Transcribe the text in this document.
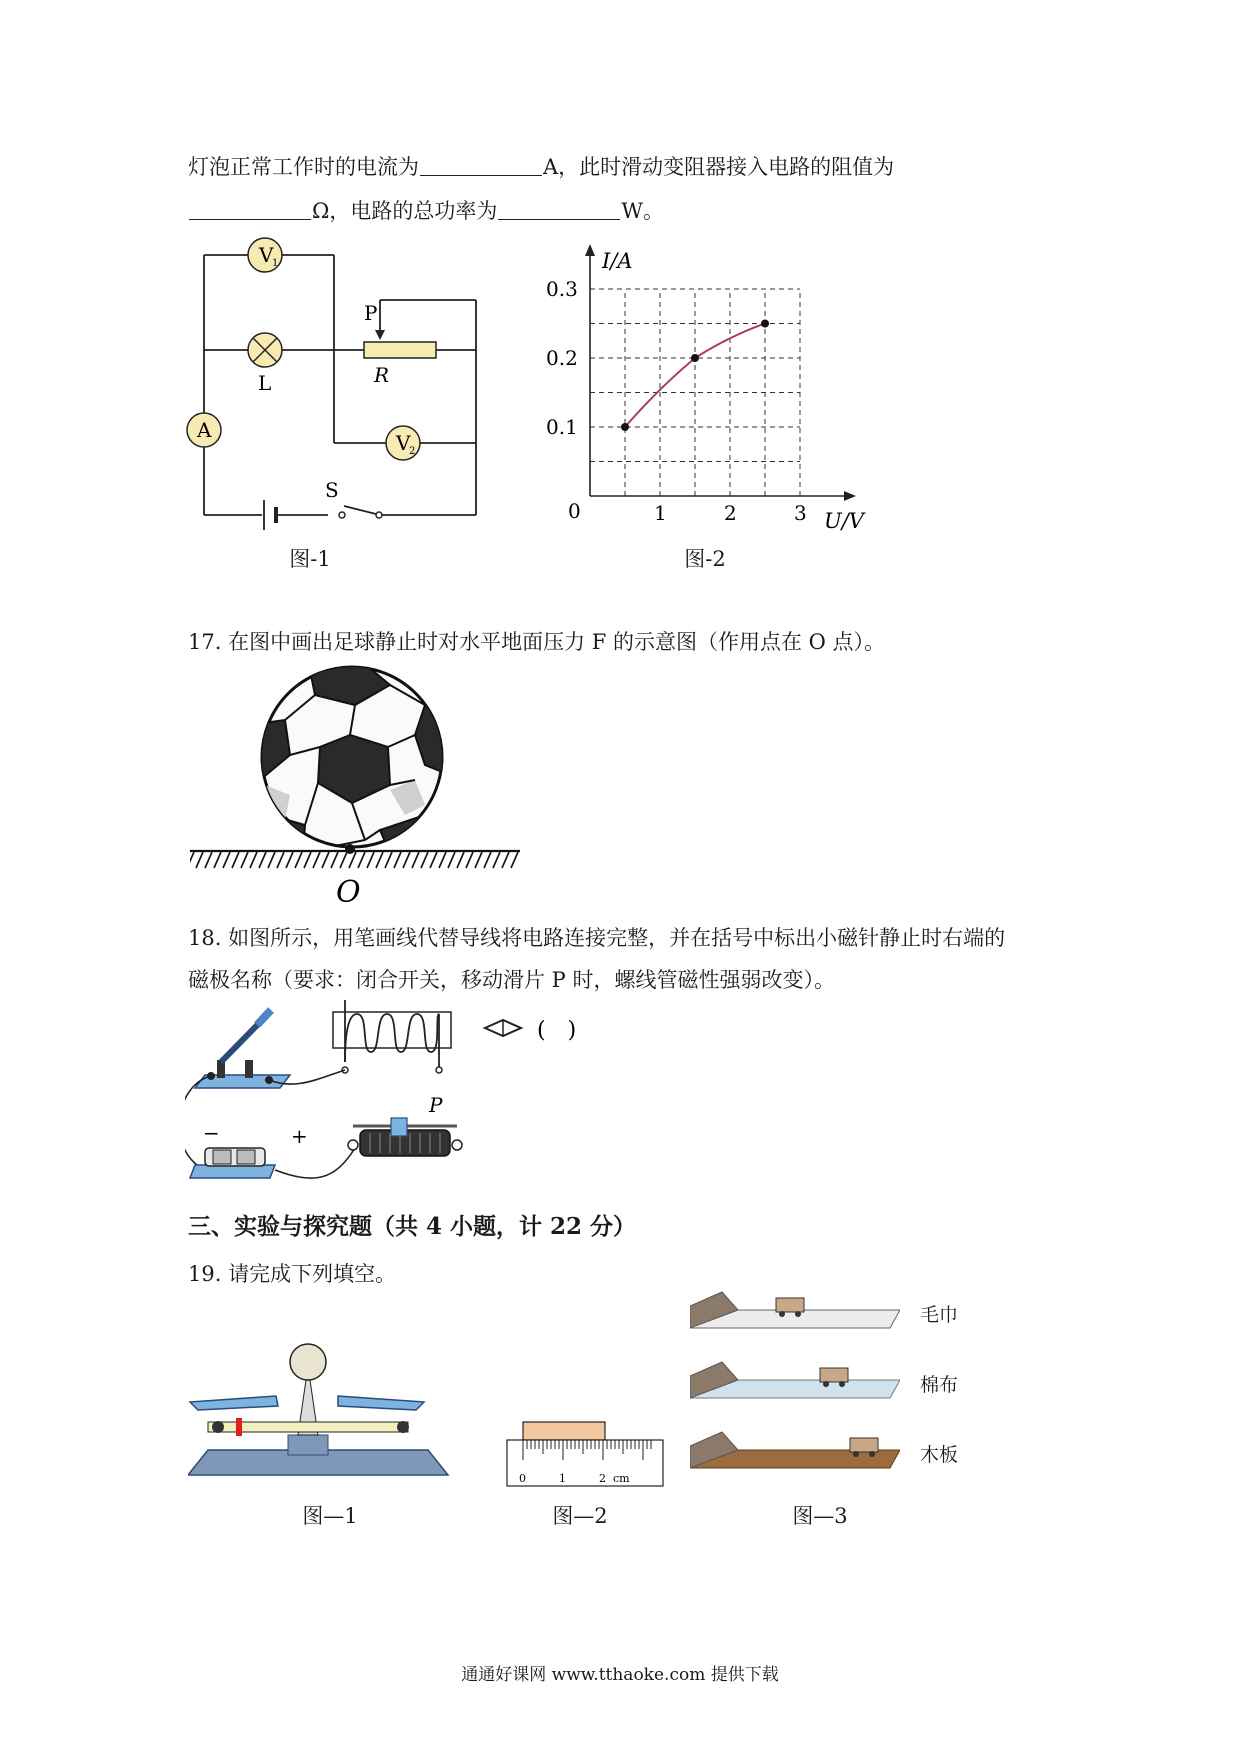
灯泡正常工作时的电流为	A，此时滑动变阻器接入电路的阻值为
Ω，电路的总功率为	W。
V
1
L
P
R
A
V
2
S
图-1
1	2	3
0.1
0.2
0.3
0
I/A
U/V
图-2
17. 在图中画出足球静止时对水平地面压力 F 的示意图（作用点在 O 点）。
O
18. 如图所示，用笔画线代替导线将电路连接完整，并在括号中标出小磁针静止时右端的
磁极名称（要求：闭合开关，移动滑片 P 时，螺线管磁性强弱改变）。
(　)
−	+
P
三、实验与探究题（共 4 小题，计 22 分）
19. 请完成下列填空。
图—1
0	1	2 cm
图—2
毛巾
棉布
木板
图—3
通通好课网 www.tthaoke.com 提供下载
